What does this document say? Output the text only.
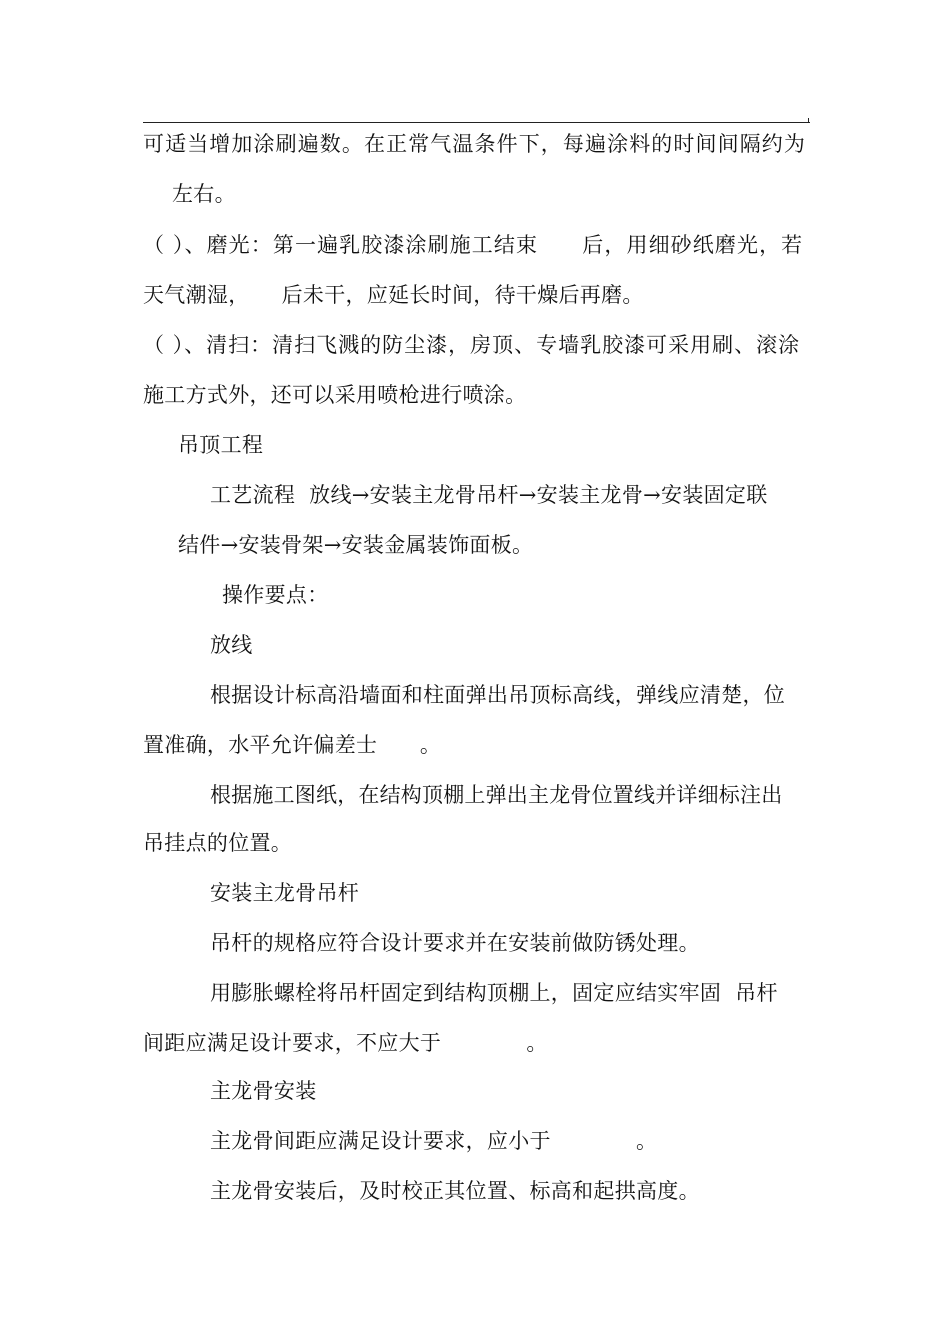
可适当增加涂刷遍数。在正常气温条件下，每遍涂料的时间间隔约为
左右。
（ ）、磨光：第一遍乳胶漆涂刷施工结束　　后，用细砂纸磨光，若
天气潮湿，　　后未干，应延长时间，待干燥后再磨。
（ ）、清扫：清扫飞溅的防尘漆，房顶、专墙乳胶漆可采用刷、滚涂
施工方式外，还可以采用喷枪进行喷涂。
吊顶工程
工艺流程  放线→安装主龙骨吊杆→安装主龙骨→安装固定联
结件→安装骨架→安装金属装饰面板。
操作要点：
放线
根据设计标高沿墙面和柱面弹出吊顶标高线，弹线应清楚，位
置准确，水平允许偏差士　　。
根据施工图纸，在结构顶棚上弹出主龙骨位置线并详细标注出
吊挂点的位置。
安装主龙骨吊杆
吊杆的规格应符合设计要求并在安装前做防锈处理。
用膨胀螺栓将吊杆固定到结构顶棚上，固定应结实牢固  吊杆
间距应满足设计要求，不应大于　　　　。
主龙骨安装
主龙骨间距应满足设计要求，应小于　　　　。
主龙骨安装后，及时校正其位置、标高和起拱高度。
